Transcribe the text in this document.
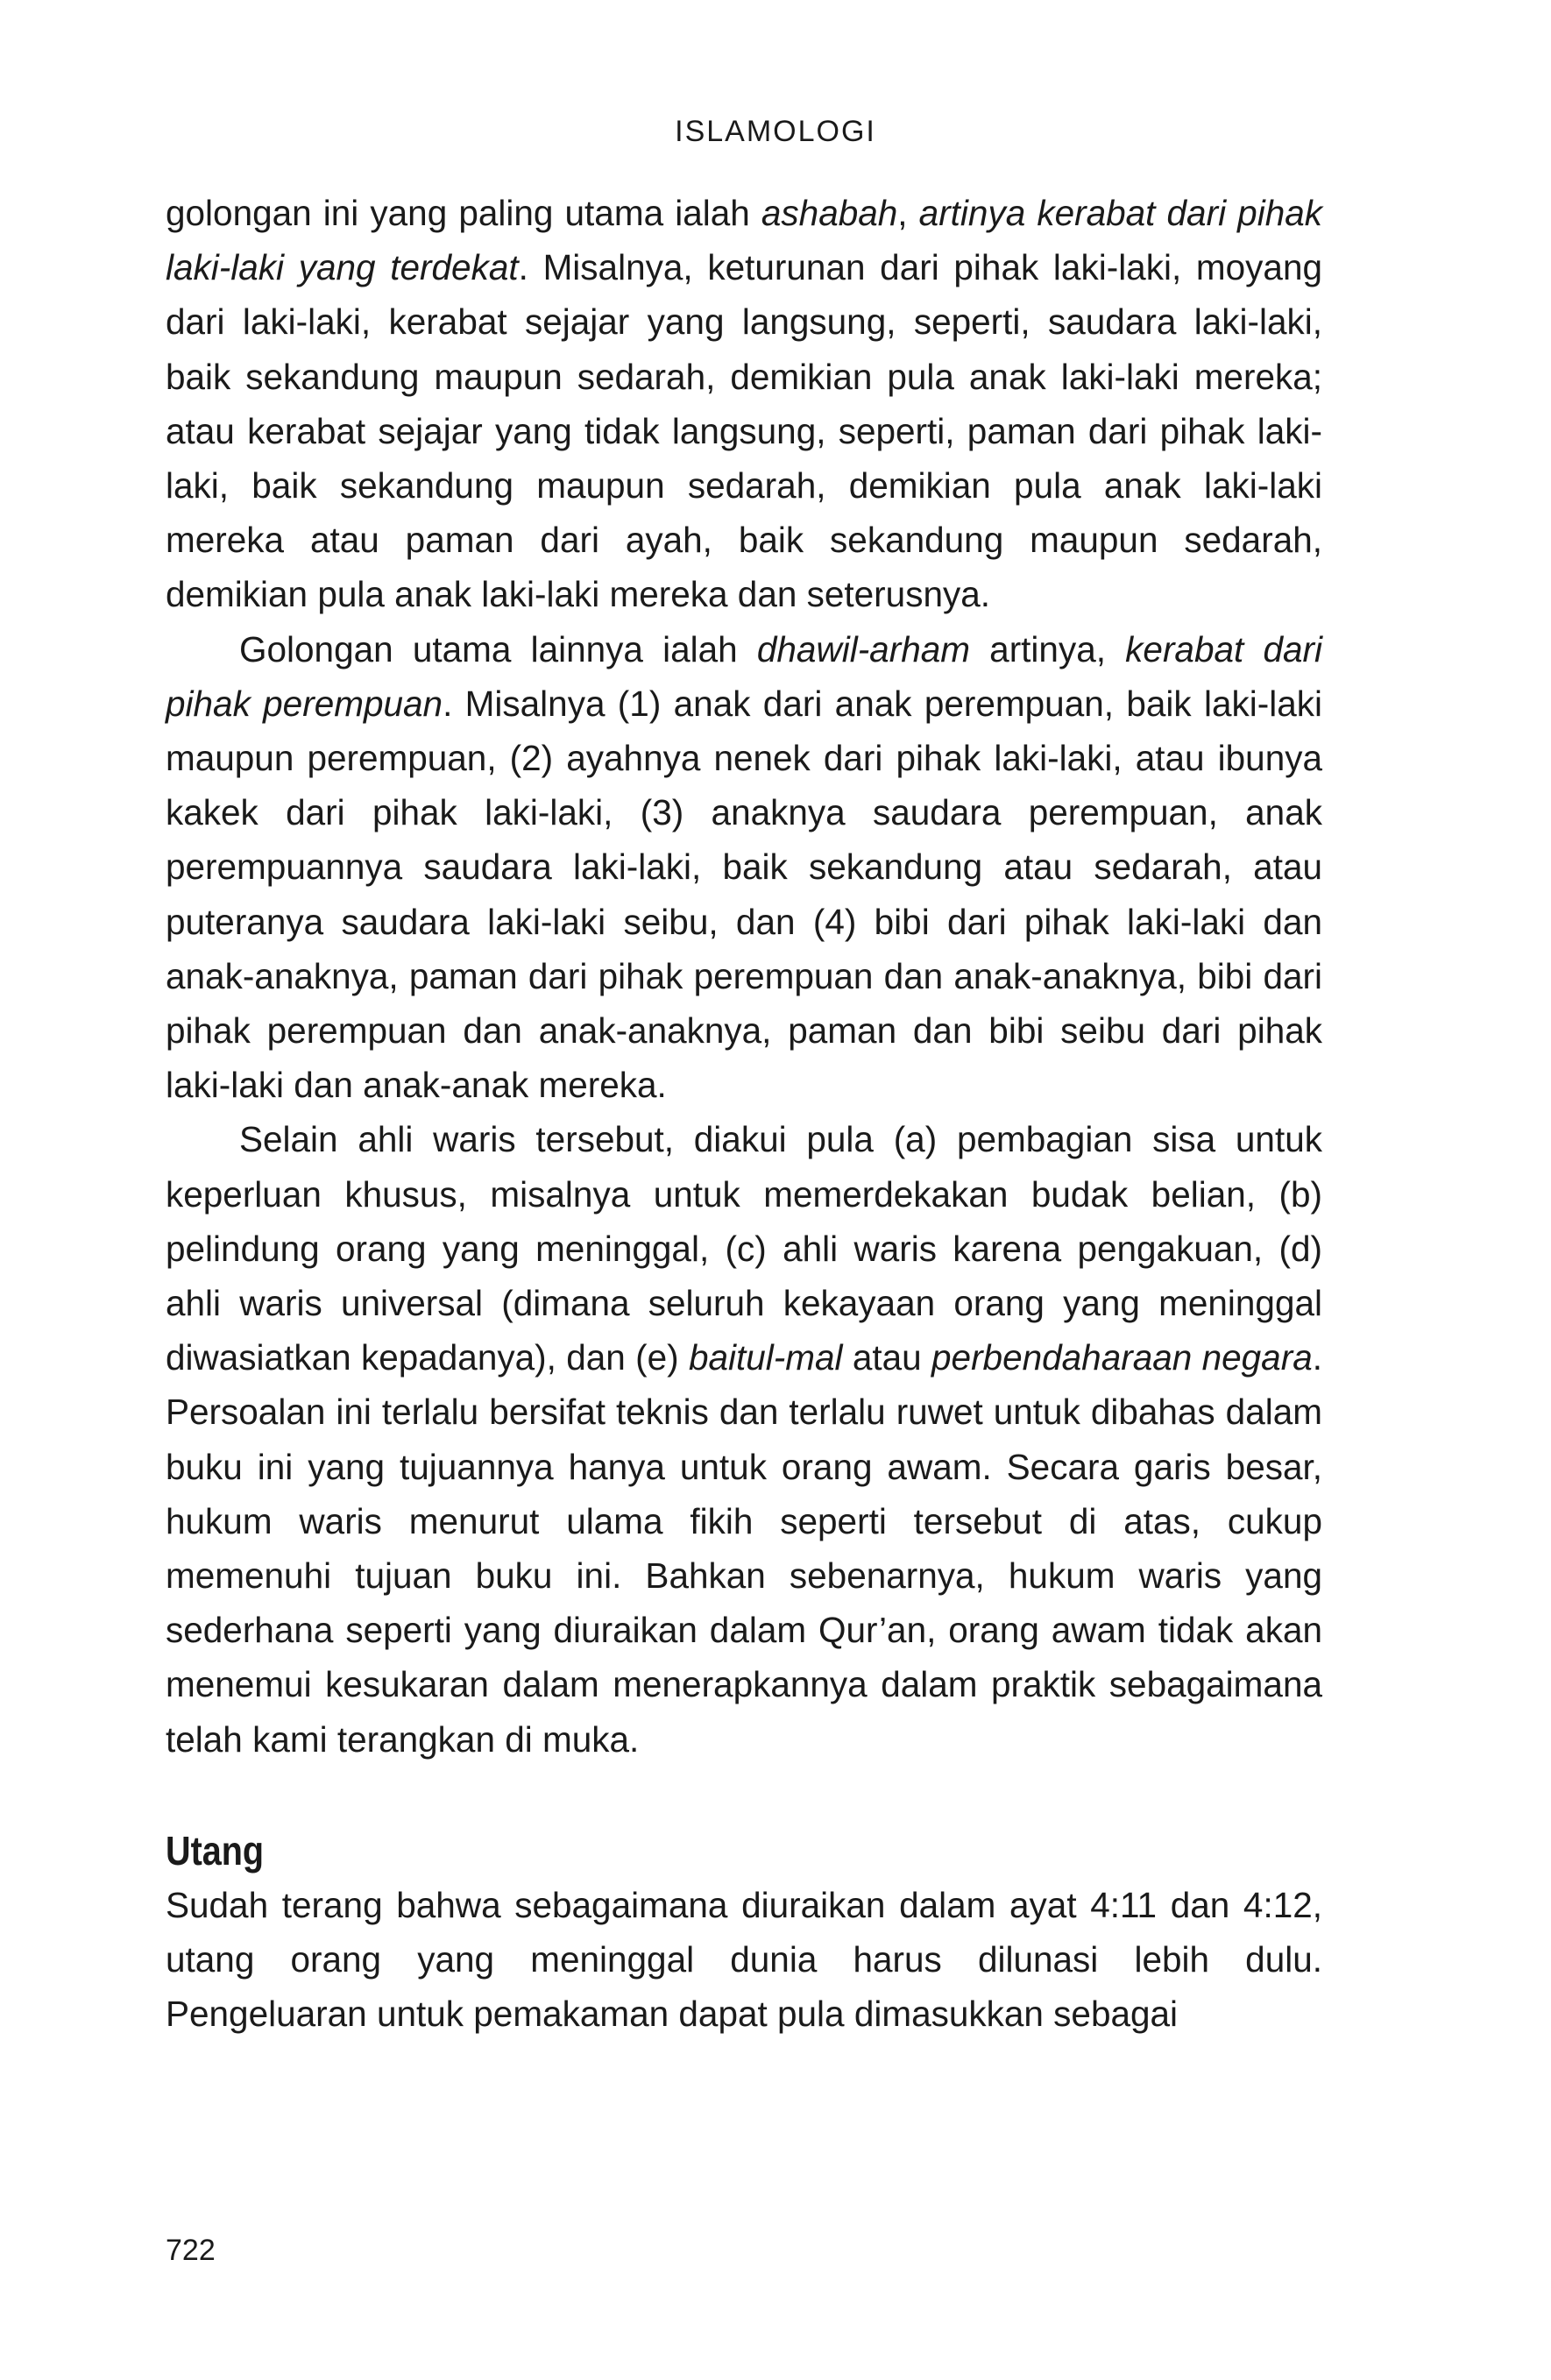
ISLAMOLOGI

golongan ini yang paling utama ialah ashabah, artinya kerabat dari pihak laki-laki yang terdekat. Misalnya, keturunan dari pihak laki-laki, moyang dari laki-laki, kerabat sejajar yang langsung, seperti, saudara laki-laki, baik sekandung maupun sedarah, demikian pula anak laki-laki mereka; atau kerabat sejajar yang tidak langsung, seperti, paman dari pihak laki-laki, baik sekandung maupun sedarah, demikian pula anak laki-laki mereka atau paman dari ayah, baik sekandung maupun sedarah, demikian pula anak laki-laki mereka dan seterusnya.

Golongan utama lainnya ialah dhawil-arham artinya, kerabat dari pihak perempuan. Misalnya (1) anak dari anak perempuan, baik laki-laki maupun perempuan, (2) ayahnya nenek dari pihak laki-laki, atau ibunya kakek dari pihak laki-laki, (3) anaknya saudara perempuan, anak perempuannya saudara laki-laki, baik sekandung atau sedarah, atau puteranya saudara laki-laki seibu, dan (4) bibi dari pihak laki-laki dan anak-anaknya, paman dari pihak perempuan dan anak-anaknya, bibi dari pihak perempuan dan anak-anaknya, paman dan bibi seibu dari pihak laki-laki dan anak-anak mereka.

Selain ahli waris tersebut, diakui pula (a) pembagian sisa untuk keperluan khusus, misalnya untuk memerdekakan budak belian, (b) pelindung orang yang meninggal, (c) ahli waris karena pengakuan, (d) ahli waris universal (dimana seluruh kekayaan orang yang meninggal diwasiatkan kepadanya), dan (e) baitul-mal atau perbendaharaan negara. Persoalan ini terlalu bersifat teknis dan terlalu ruwet untuk dibahas dalam buku ini yang tujuannya hanya untuk orang awam. Secara garis besar, hukum waris menurut ulama fikih seperti tersebut di atas, cukup memenuhi tujuan buku ini. Bahkan sebenarnya, hukum waris yang sederhana seperti yang diuraikan dalam Qur’an, orang awam tidak akan menemui kesukaran dalam menerapkannya dalam praktik sebagaimana telah kami terangkan di muka.

Utang

Sudah terang bahwa sebagaimana diuraikan dalam ayat 4:11 dan 4:12, utang orang yang meninggal dunia harus dilunasi lebih dulu. Pengeluaran untuk pemakaman dapat pula dimasukkan sebagai

722
